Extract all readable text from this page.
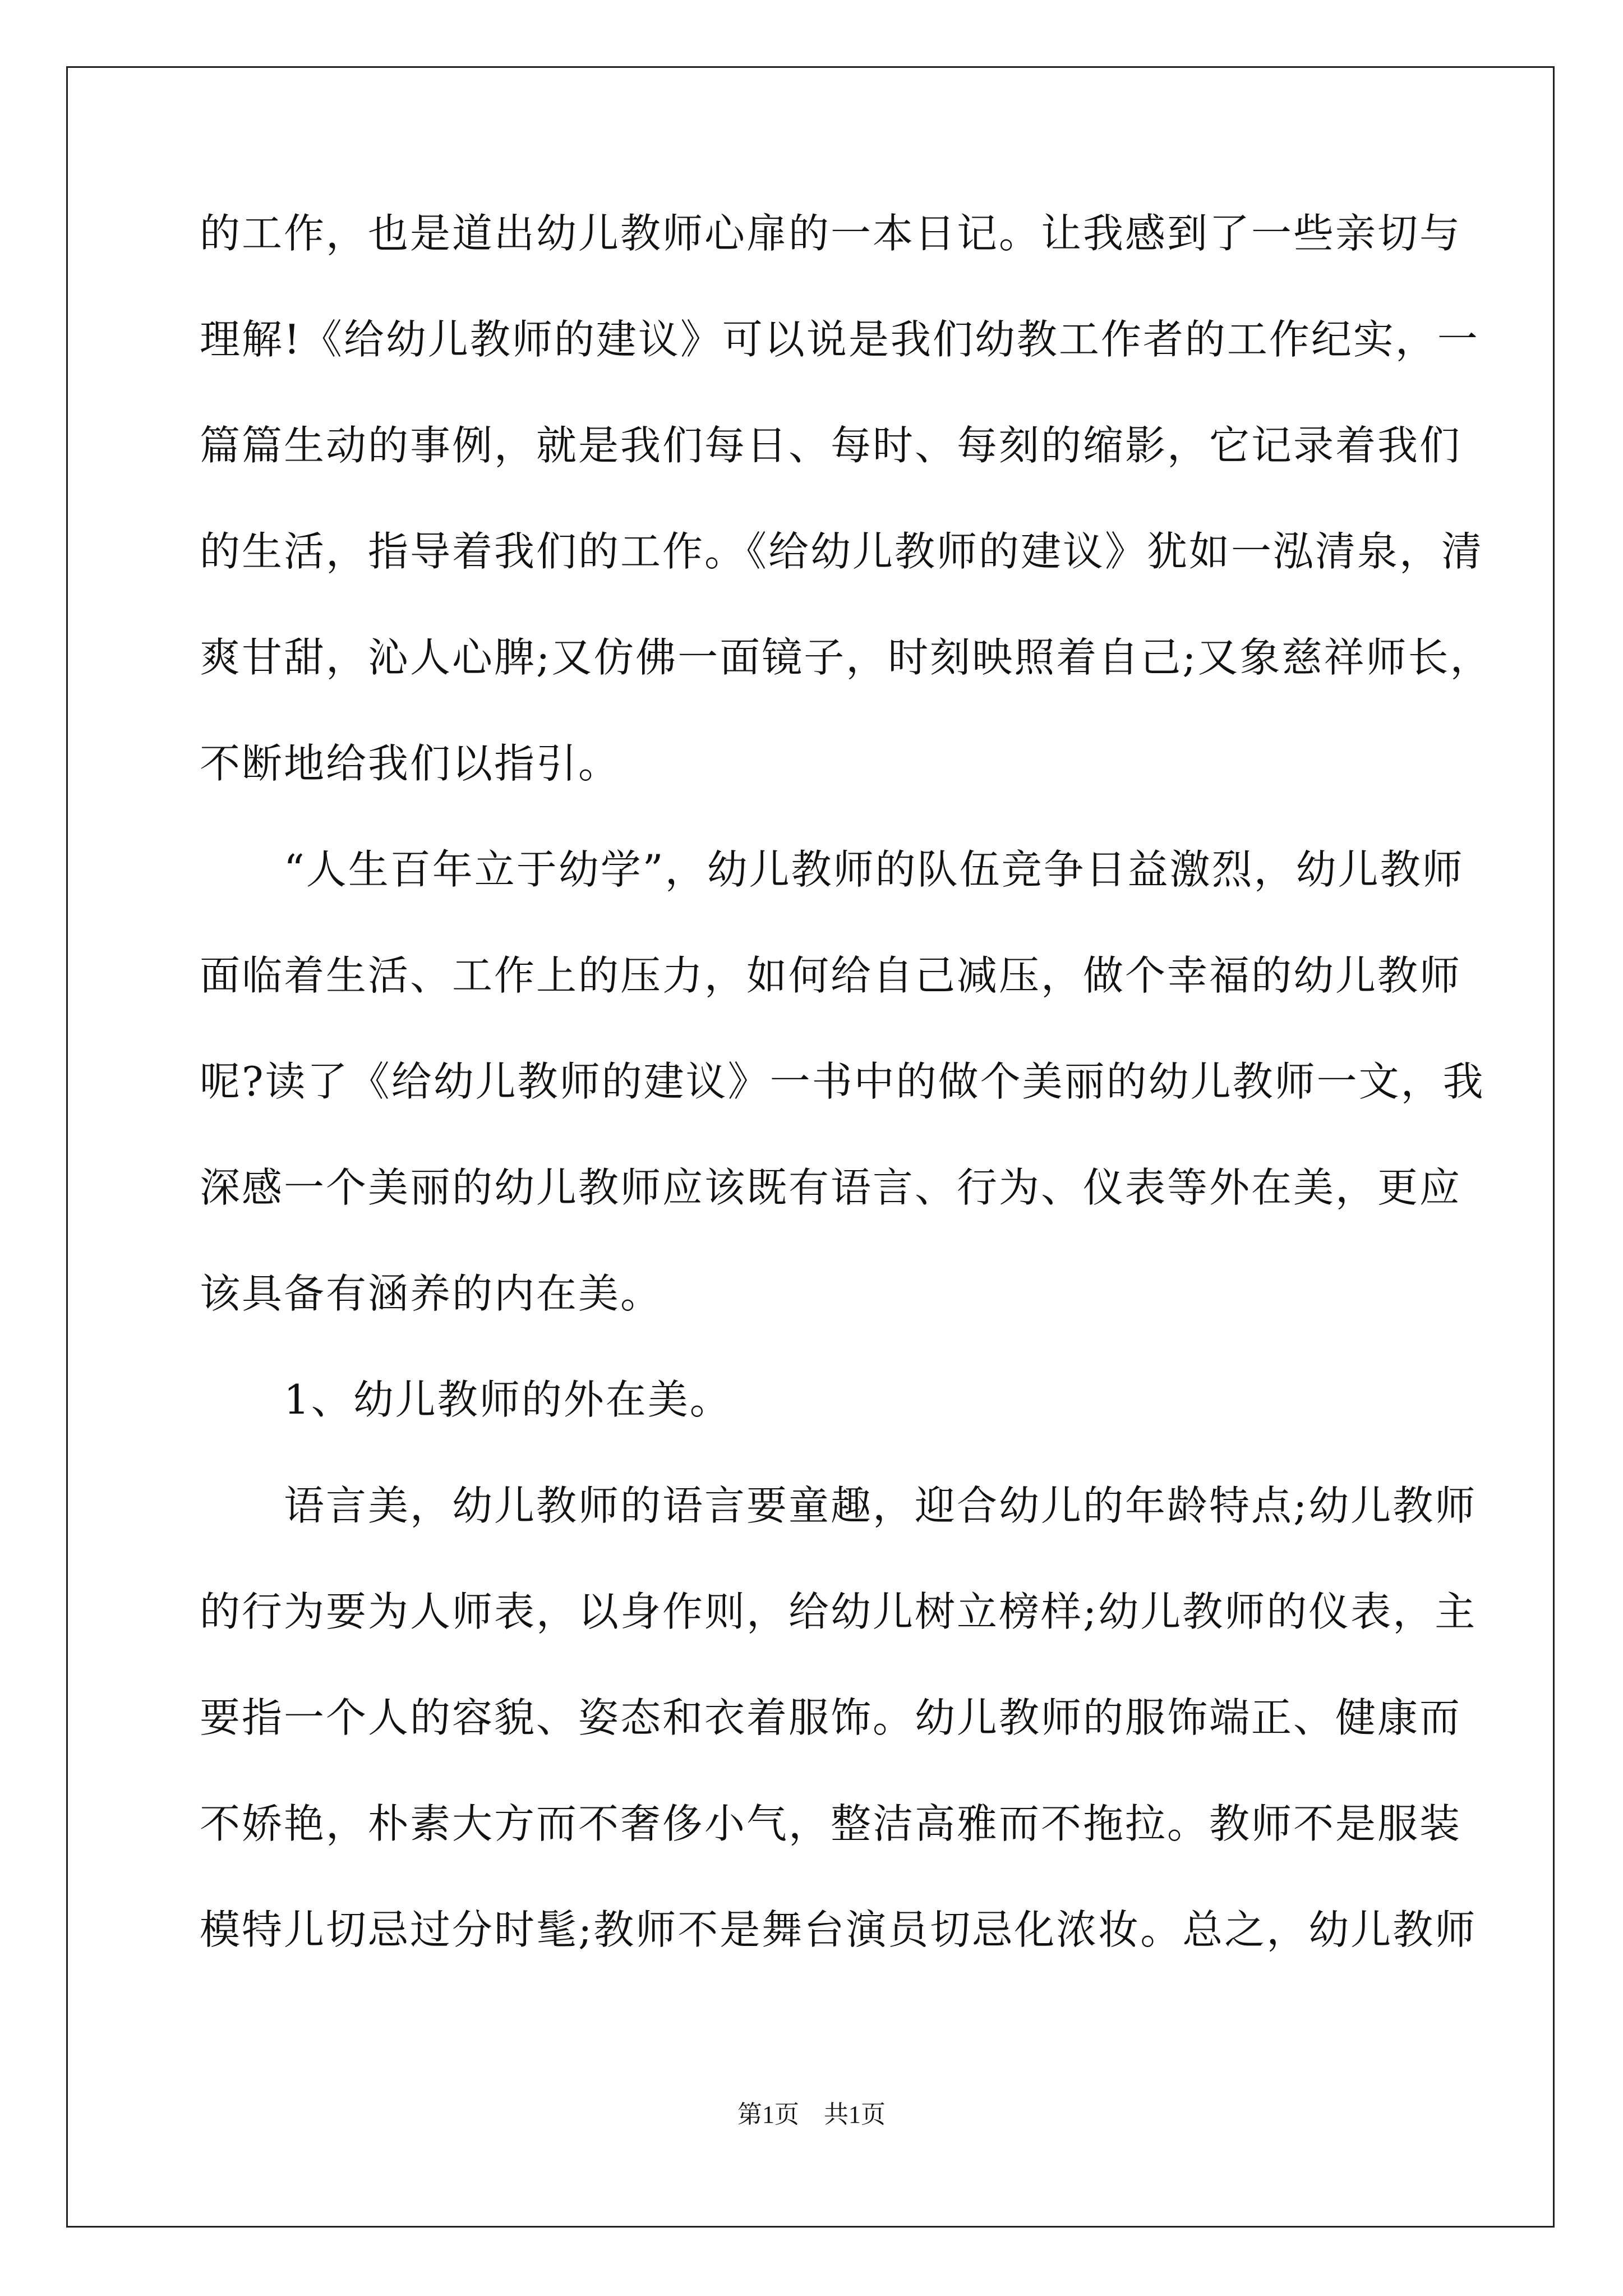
的工作，也是道出幼儿教师心扉的一本日记。让我感到了一些亲切与
理解!《给幼儿教师的建议》可以说是我们幼教工作者的工作纪实，一
篇篇生动的事例，就是我们每日、每时、每刻的缩影，它记录着我们
的生活，指导着我们的工作。《给幼儿教师的建议》犹如一泓清泉，清
爽甘甜，沁人心脾;又仿佛一面镜子，时刻映照着自己;又象慈祥师长，
不断地给我们以指引。
“人生百年立于幼学”，幼儿教师的队伍竞争日益激烈，幼儿教师
面临着生活、工作上的压力，如何给自己减压，做个幸福的幼儿教师
呢?读了《给幼儿教师的建议》一书中的做个美丽的幼儿教师一文，我
深感一个美丽的幼儿教师应该既有语言、行为、仪表等外在美，更应
该具备有涵养的内在美。
1、幼儿教师的外在美。
语言美，幼儿教师的语言要童趣，迎合幼儿的年龄特点;幼儿教师
的行为要为人师表，以身作则，给幼儿树立榜样;幼儿教师的仪表，主
要指一个人的容貌、姿态和衣着服饰。幼儿教师的服饰端正、健康而
不娇艳，朴素大方而不奢侈小气，整洁高雅而不拖拉。教师不是服装
模特儿切忌过分时髦;教师不是舞台演员切忌化浓妆。总之，幼儿教师
第1页　共1页
